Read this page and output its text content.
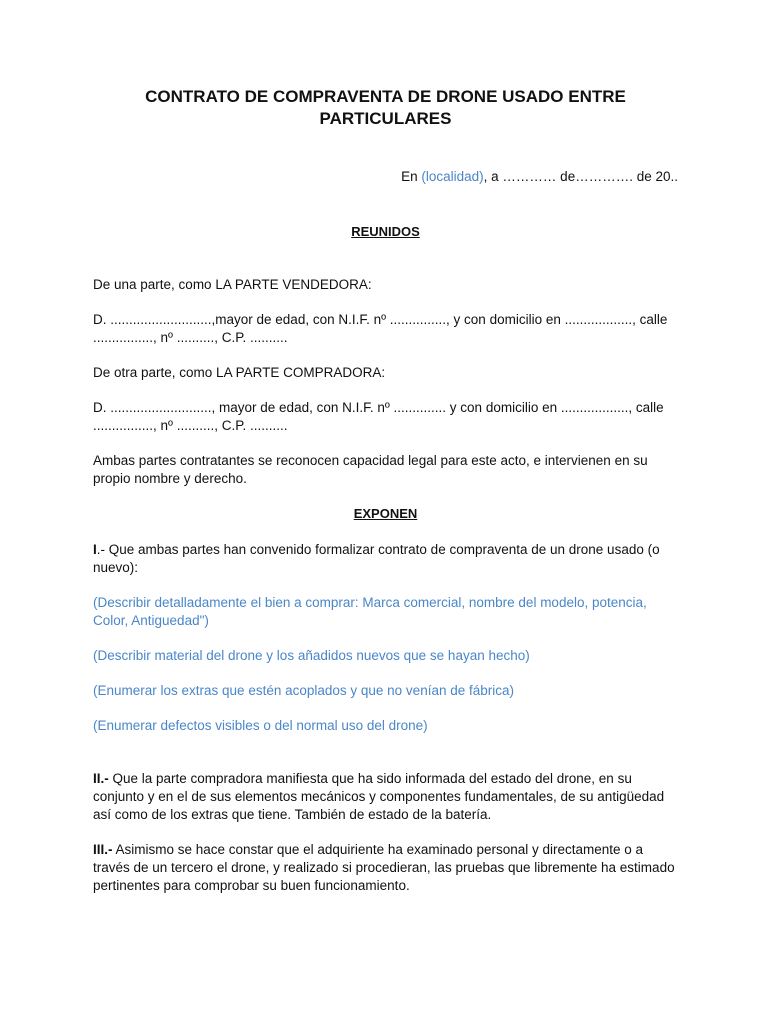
CONTRATO DE COMPRAVENTA DE DRONE USADO ENTRE
PARTICULARES
En (localidad), a ………… de…………. de 20..
REUNIDOS

De una parte, como LA PARTE VENDEDORA:

D. ...........................,mayor de edad, con N.I.F. nº ..............., y con domicilio en .................., calle ................, nº .........., C.P. ..........

De otra parte, como LA PARTE COMPRADORA:

D. ..........................., mayor de edad, con N.I.F. nº .............. y con domicilio en .................., calle ................, nº .........., C.P. ..........

Ambas partes contratantes se reconocen capacidad legal para este acto, e intervienen en su propio nombre y derecho.

EXPONEN

I.- Que ambas partes han convenido formalizar contrato de compraventa de un drone usado (o nuevo):

(Describir detalladamente el bien a comprar: Marca comercial, nombre del modelo, potencia, Color, Antiguedad")

(Describir material del drone y los añadidos nuevos que se hayan hecho)

(Enumerar los extras que estén acoplados y que no venían de fábrica)

(Enumerar defectos visibles o del normal uso del drone)

II.- Que la parte compradora manifiesta que ha sido informada del estado del drone, en su conjunto y en el de sus elementos mecánicos y componentes fundamentales, de su antigüedad así como de los extras que tiene. También de estado de la batería.

III.- Asimismo se hace constar que el adquiriente ha examinado personal y directamente o a través de un tercero el drone, y realizado si procedieran, las pruebas que libremente ha estimado pertinentes para comprobar su buen funcionamiento.
